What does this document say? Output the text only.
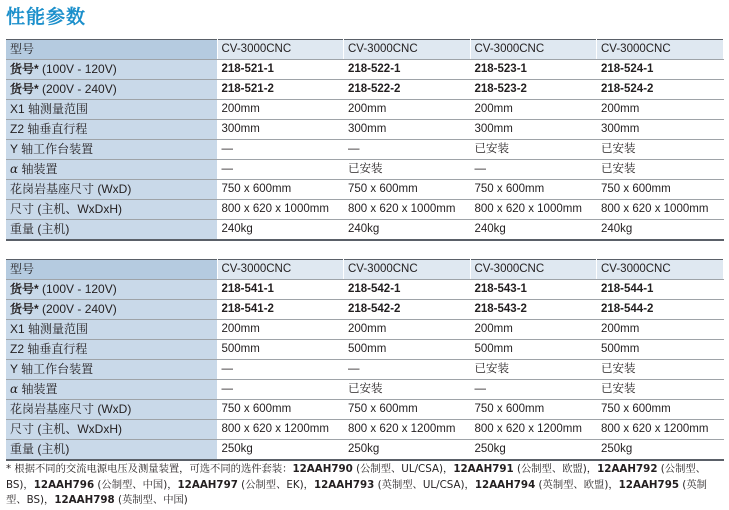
性能参数
型号	CV-3000CNC	CV-3000CNC	CV-3000CNC	CV-3000CNC
货号* (100V - 120V)	218-521-1	218-522-1	218-523-1	218-524-1
货号* (200V - 240V)	218-521-2	218-522-2	218-523-2	218-524-2
X1 轴测量范围	200mm	200mm	200mm	200mm
Z2 轴垂直行程	300mm	300mm	300mm	300mm
Y 轴工作台装置	—	—	已安装	已安装
α 轴装置	—	已安装	—	已安装
花岗岩基座尺寸 (WxD)	750 x 600mm	750 x 600mm	750 x 600mm	750 x 600mm
尺寸 (主机、WxDxH)	800 x 620 x 1000mm	800 x 620 x 1000mm	800 x 620 x 1000mm	800 x 620 x 1000mm
重量 (主机)	240kg	240kg	240kg	240kg
型号	CV-3000CNC	CV-3000CNC	CV-3000CNC	CV-3000CNC
货号* (100V - 120V)	218-541-1	218-542-1	218-543-1	218-544-1
货号* (200V - 240V)	218-541-2	218-542-2	218-543-2	218-544-2
X1 轴测量范围	200mm	200mm	200mm	200mm
Z2 轴垂直行程	500mm	500mm	500mm	500mm
Y 轴工作台装置	—	—	已安装	已安装
α 轴装置	—	已安装	—	已安装
花岗岩基座尺寸 (WxD)	750 x 600mm	750 x 600mm	750 x 600mm	750 x 600mm
尺寸 (主机、WxDxH)	800 x 620 x 1200mm	800 x 620 x 1200mm	800 x 620 x 1200mm	800 x 620 x 1200mm
重量 (主机)	250kg	250kg	250kg	250kg
* 根据不同的交流电源电压及测量装置，可选不同的选件套装：12AAH790 (公制型、UL/CSA)，12AAH791 (公制型、欧盟)，12AAH792 (公制型、BS)，12AAH796 (公制型、中国)，12AAH797 (公制型、EK)，12AAH793 (英制型、UL/CSA)，12AAH794 (英制型、欧盟)，12AAH795 (英制型、BS)，12AAH798 (英制型、中国)
